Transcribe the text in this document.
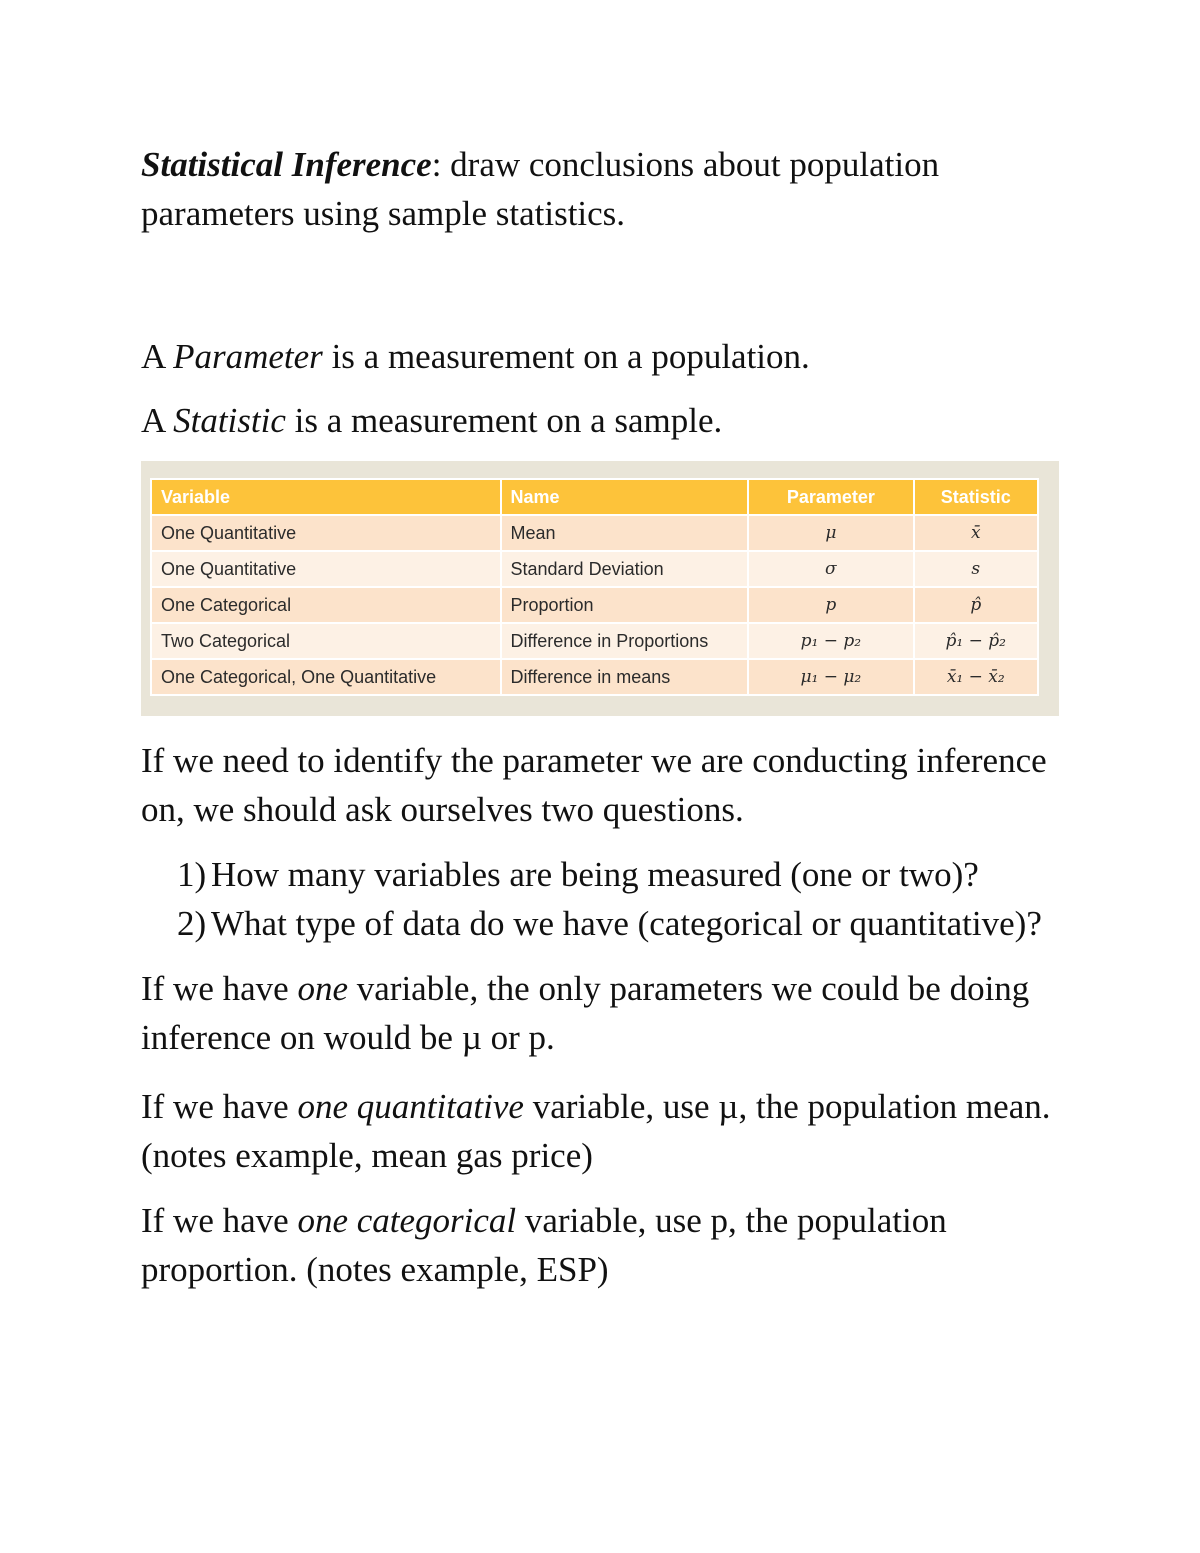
Statistical Inference: draw conclusions about population parameters using sample statistics.

A Parameter is a measurement on a population.

A Statistic is a measurement on a sample.

Variable	Name	Parameter	Statistic
One Quantitative	Mean	μ	x̄
One Quantitative	Standard Deviation	σ	s
One Categorical	Proportion	p	p̂
Two Categorical	Difference in Proportions	p₁ − p₂	p̂₁ − p̂₂
One Categorical, One Quantitative	Difference in means	μ₁ − μ₂	x̄₁ − x̄₂

If we need to identify the parameter we are conducting inference on, we should ask ourselves two questions.

1) How many variables are being measured (one or two)?
2) What type of data do we have (categorical or quantitative)?

If we have one variable, the only parameters we could be doing inference on would be µ or p.

If we have one quantitative variable, use µ, the population mean. (notes example, mean gas price)

If we have one categorical variable, use p, the population proportion. (notes example, ESP)
